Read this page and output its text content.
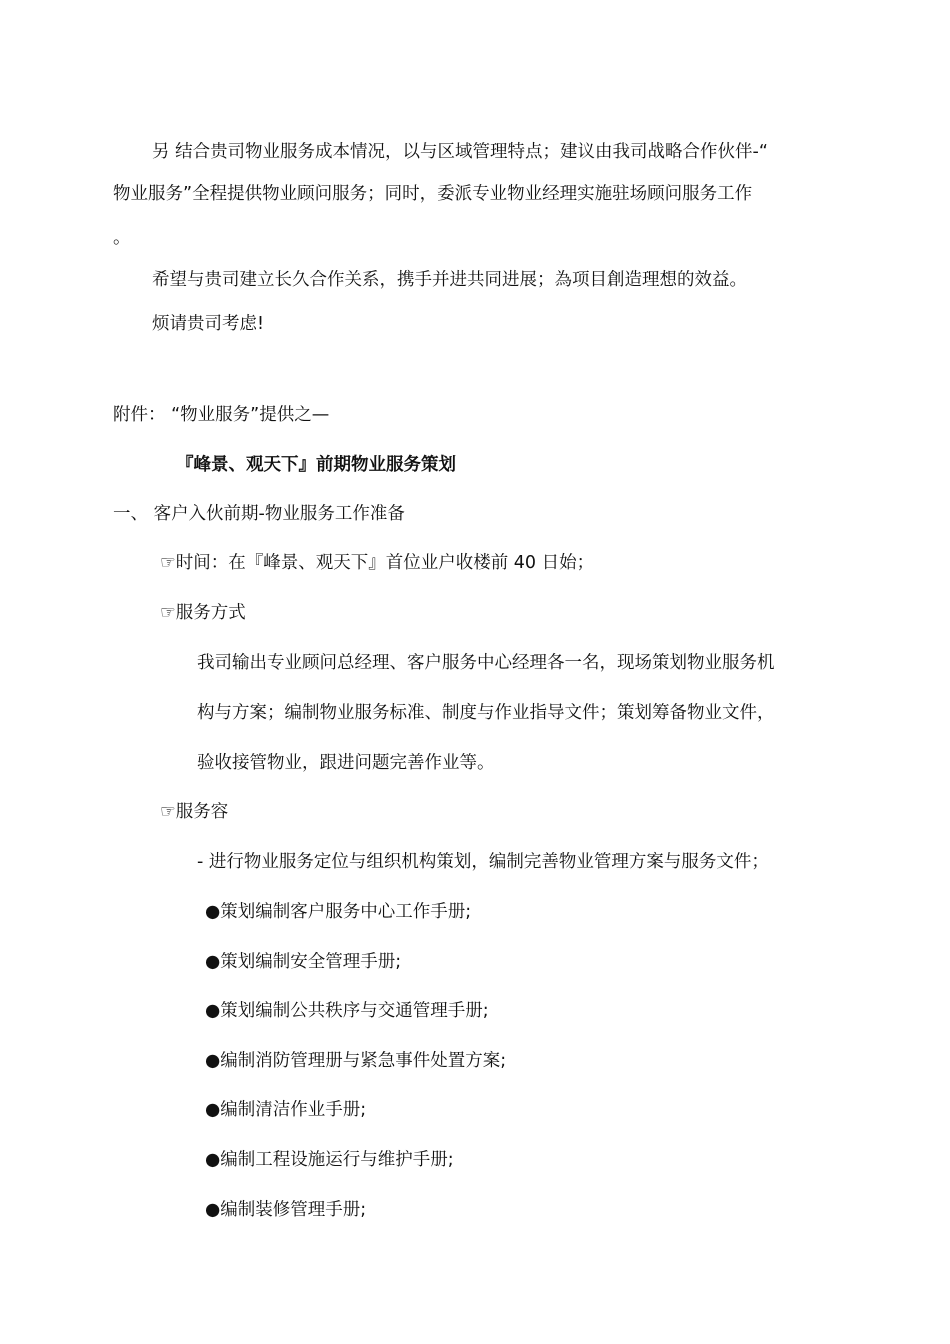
另 结合贵司物业服务成本情况，以与区域管理特点；建议由我司战略合作伙伴-“
物业服务”全程提供物业顾问服务；同时，委派专业物业经理实施驻场顾问服务工作
。
希望与贵司建立长久合作关系，携手并进共同进展；為项目創造理想的效益。
烦请贵司考虑!
附件： “物业服务”提供之—
『峰景、观天下』前期物业服务策划
一、 客户入伙前期-物业服务工作准备
☞时间：在『峰景、观天下』首位业户收楼前 40 日始；
☞服务方式
我司输出专业顾问总经理、客户服务中心经理各一名，现场策划物业服务机
构与方案；编制物业服务标准、制度与作业指导文件；策划筹备物业文件，
验收接管物业，跟进问题完善作业等。
☞服务容
- 进行物业服务定位与组织机构策划，编制完善物业管理方案与服务文件；
●策划编制客户服务中心工作手册;
●策划编制安全管理手册;
●策划编制公共秩序与交通管理手册;
●编制消防管理册与紧急事件处置方案;
●编制清洁作业手册;
●编制工程设施运行与维护手册;
●编制装修管理手册;
